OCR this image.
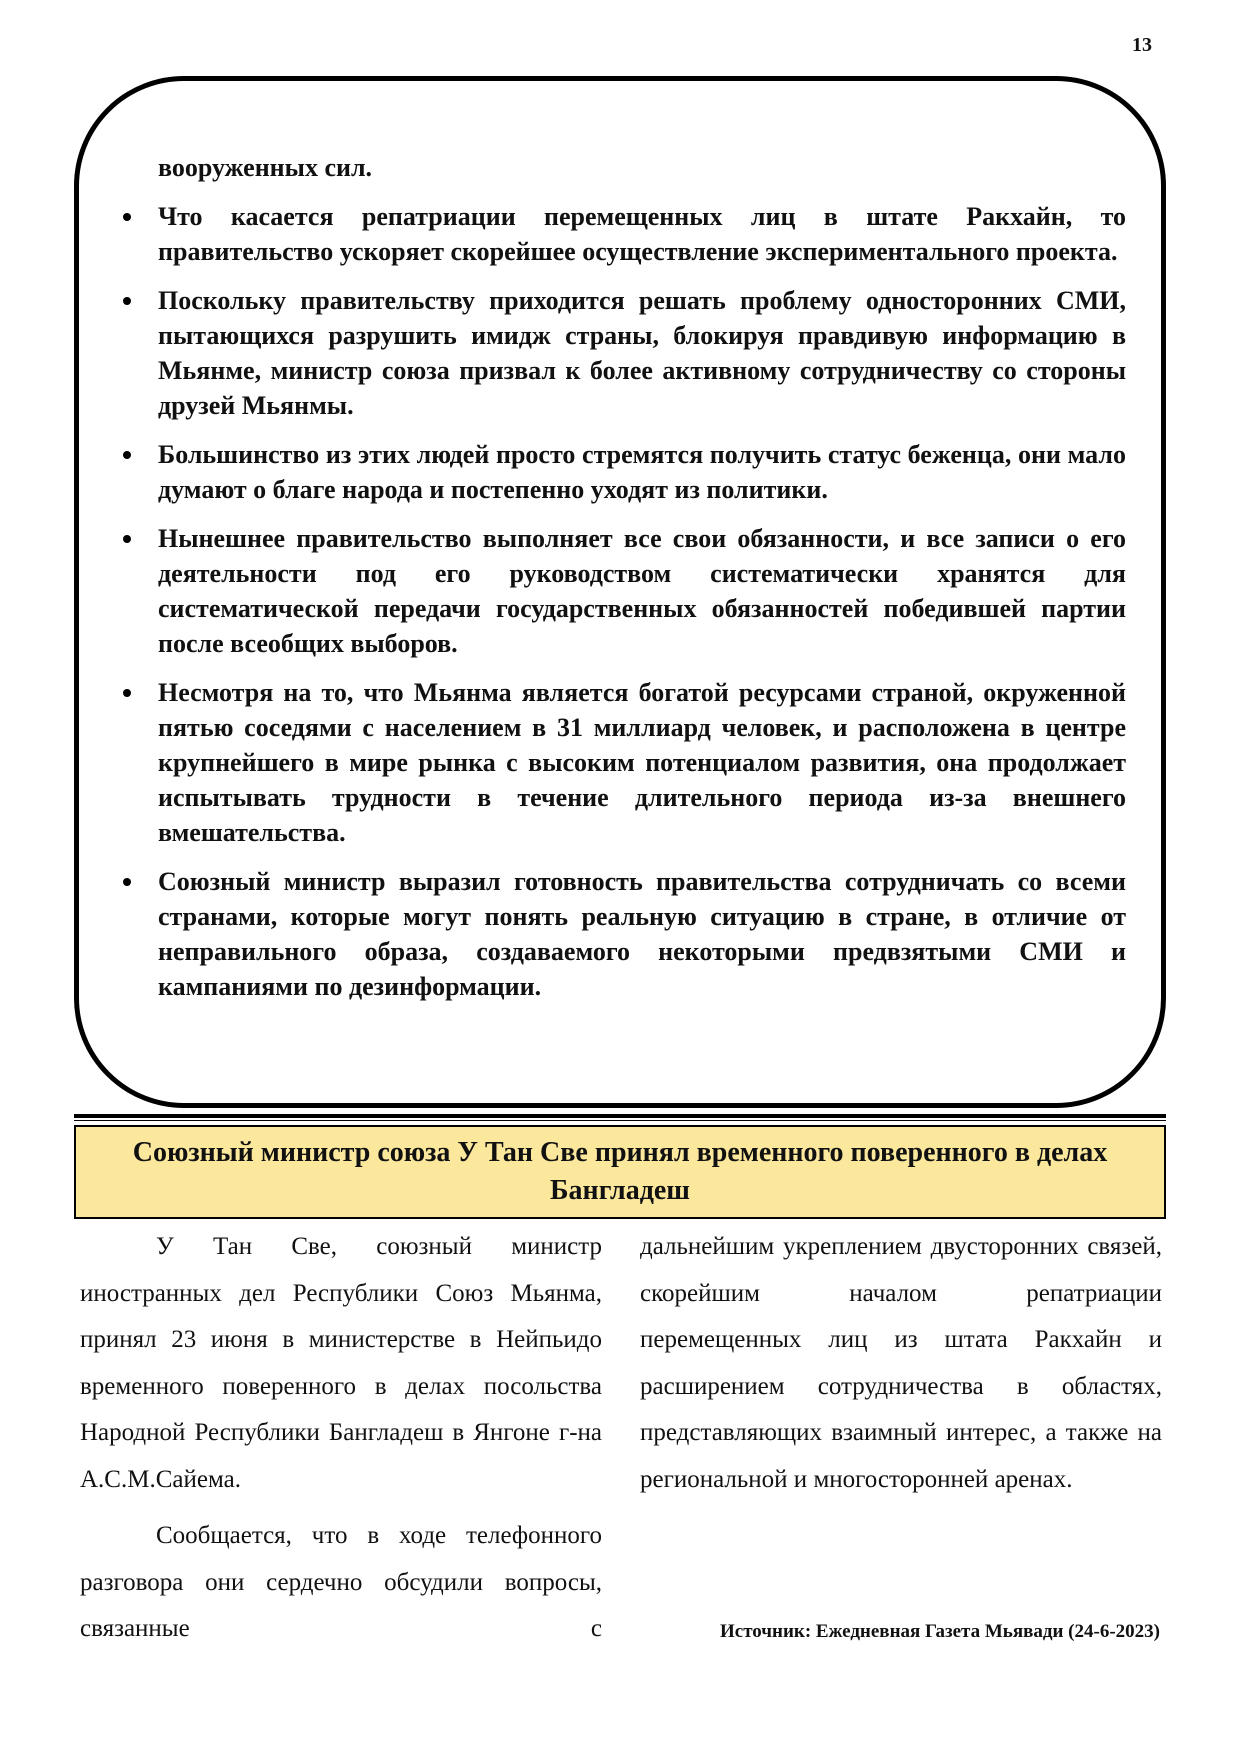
13

вооруженных сил.

Что касается репатриации перемещенных лиц в штате Ракхайн, то правительство ускоряет скорейшее осуществление экспериментального проекта.
Поскольку правительству приходится решать проблему односторонних СМИ, пытающихся разрушить имидж страны, блокируя правдивую информацию в Мьянме, министр союза призвал к более активному сотрудничеству со стороны друзей Мьянмы.
Большинство из этих людей просто стремятся получить статус беженца, они мало думают о благе народа и постепенно уходят из политики.
Нынешнее правительство выполняет все свои обязанности, и все записи о его деятельности под его руководством систематически хранятся для систематической передачи государственных обязанностей победившей партии после всеобщих выборов.
Несмотря на то, что Мьянма является богатой ресурсами страной, окруженной пятью соседями с населением в 31 миллиард человек, и расположена в центре крупнейшего в мире рынка с высоким потенциалом развития, она продолжает испытывать трудности в течение длительного периода из-за внешнего вмешательства.
Союзный министр выразил готовность правительства сотрудничать со всеми странами, которые могут понять реальную ситуацию в стране, в отличие от неправильного образа, создаваемого некоторыми предвзятыми СМИ и кампаниями по дезинформации.
Союзный министр союза У Тан Све принял временного поверенного в делах Бангладеш

У Тан Све, союзный министр иностранных дел Республики Союз Мьянма, принял 23 июня в министерстве в Нейпьидо временного поверенного в делах посольства Народной Республики Бангладеш в Янгоне г-на А.С.М.Сайема.

Сообщается, что в ходе телефонного разговора они сердечно обсудили вопросы, связанные с

дальнейшим укреплением двусторонних связей, скорейшим началом репатриации перемещенных лиц из штата Ракхайн и расширением сотрудничества в областях, представляющих взаимный интерес, а также на региональной и многосторонней аренах.

Источник: Ежедневная Газета Мьявади (24-6-2023)
